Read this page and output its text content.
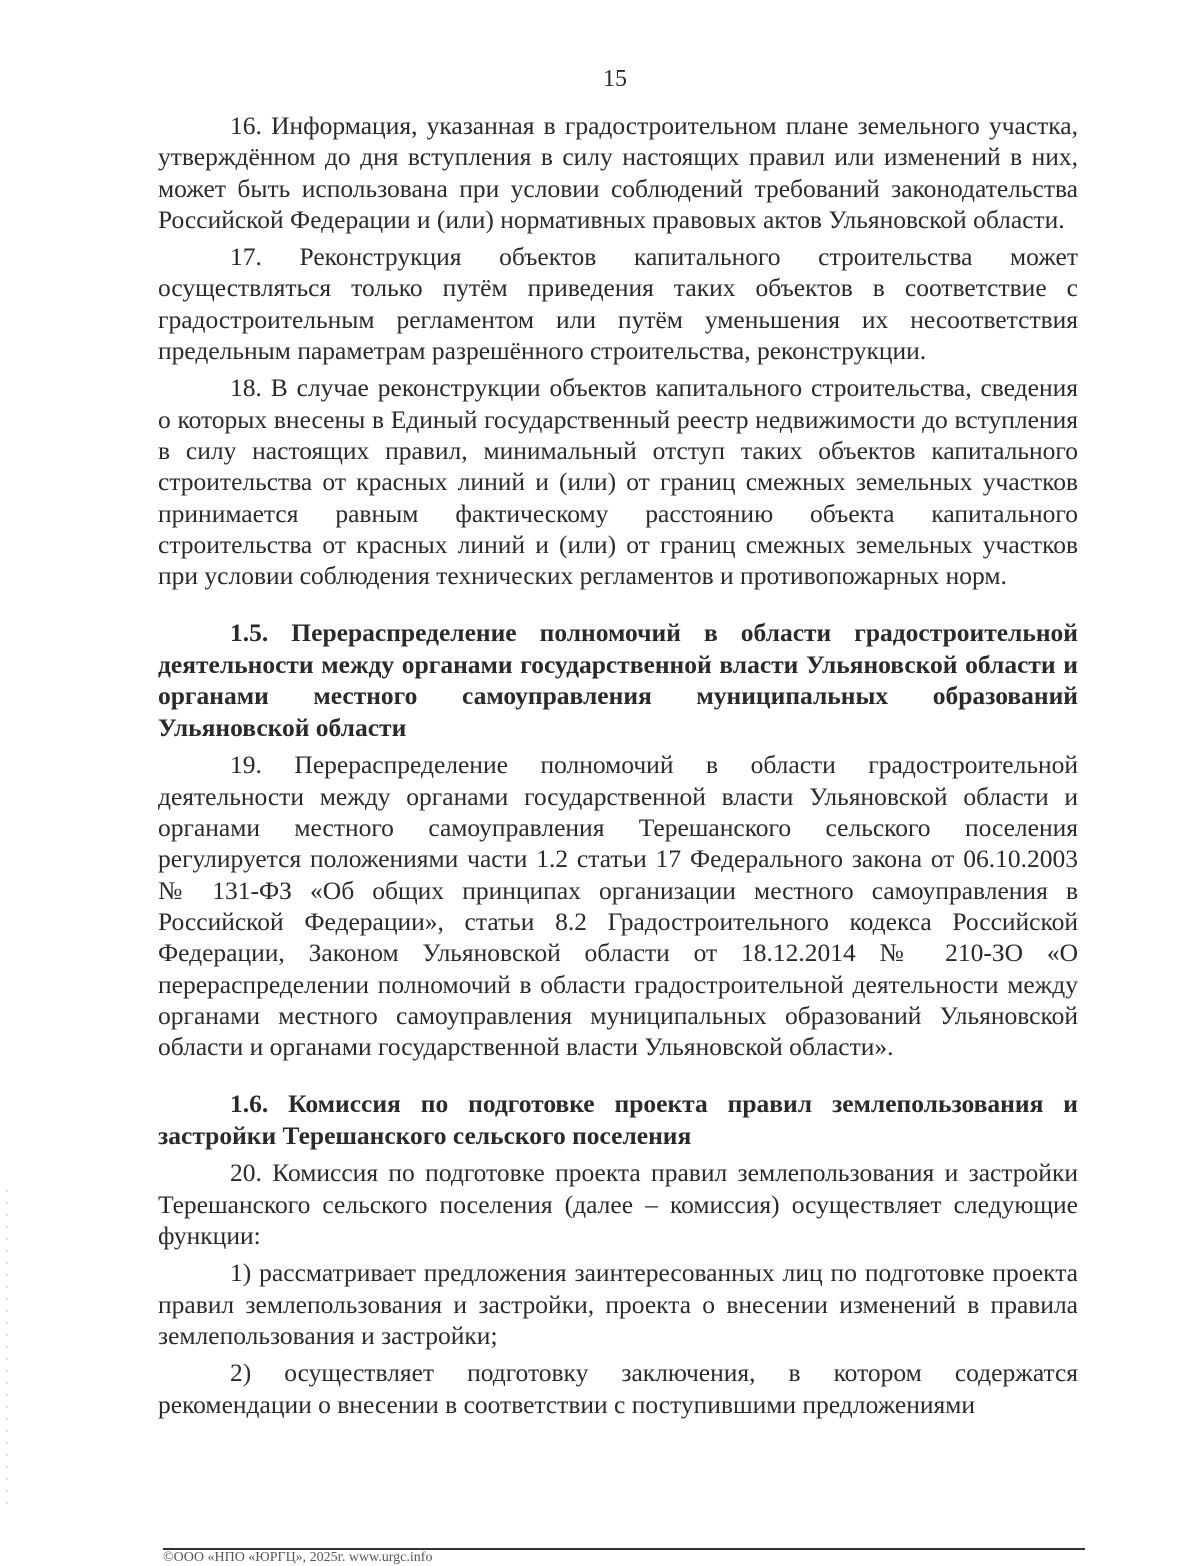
15

16. Информация, указанная в градостроительном плане земельного участка, утверждённом до дня вступления в силу настоящих правил или изменений в них, может быть использована при условии соблюдений требований законодательства Российской Федерации и (или) нормативных правовых актов Ульяновской области.

17. Реконструкция объектов капитального строительства может осуществляться только путём приведения таких объектов в соответствие с градостроительным регламентом или путём уменьшения их несоответствия предельным параметрам разрешённого строительства, реконструкции.

18. В случае реконструкции объектов капитального строительства, сведения о которых внесены в Единый государственный реестр недвижимости до вступления в силу настоящих правил, минимальный отступ таких объектов капитального строительства от красных линий и (или) от границ смежных земельных участков принимается равным фактическому расстоянию объекта капитального строительства от красных линий и (или) от границ смежных земельных участков при условии соблюдения технических регламентов и противопожарных норм.

1.5. Перераспределение полномочий в области градостроительной деятельности между органами государственной власти Ульяновской области и органами местного самоуправления муниципальных образований Ульяновской области

19. Перераспределение полномочий в области градостроительной деятельности между органами государственной власти Ульяновской области и органами местного самоуправления Терешанского сельского поселения регулируется положениями части 1.2 статьи 17 Федерального закона от 06.10.2003 № 131-ФЗ «Об общих принципах организации местного самоуправления в Российской Федерации», статьи 8.2 Градостроительного кодекса Российской Федерации, Законом Ульяновской области от 18.12.2014 № 210-ЗО «О перераспределении полномочий в области градостроительной деятельности между органами местного самоуправления муниципальных образований Ульяновской области и органами государственной власти Ульяновской области».

1.6. Комиссия по подготовке проекта правил землепользования и застройки Терешанского сельского поселения

20. Комиссия по подготовке проекта правил землепользования и застройки Терешанского сельского поселения (далее – комиссия) осуществляет следующие функции:

1) рассматривает предложения заинтересованных лиц по подготовке проекта правил землепользования и застройки, проекта о внесении изменений в правила землепользования и застройки;

2) осуществляет подготовку заключения, в котором содержатся рекомендации о внесении в соответствии с поступившими предложениями

©ООО «НПО «ЮРГЦ», 2025г. www.urgc.info
